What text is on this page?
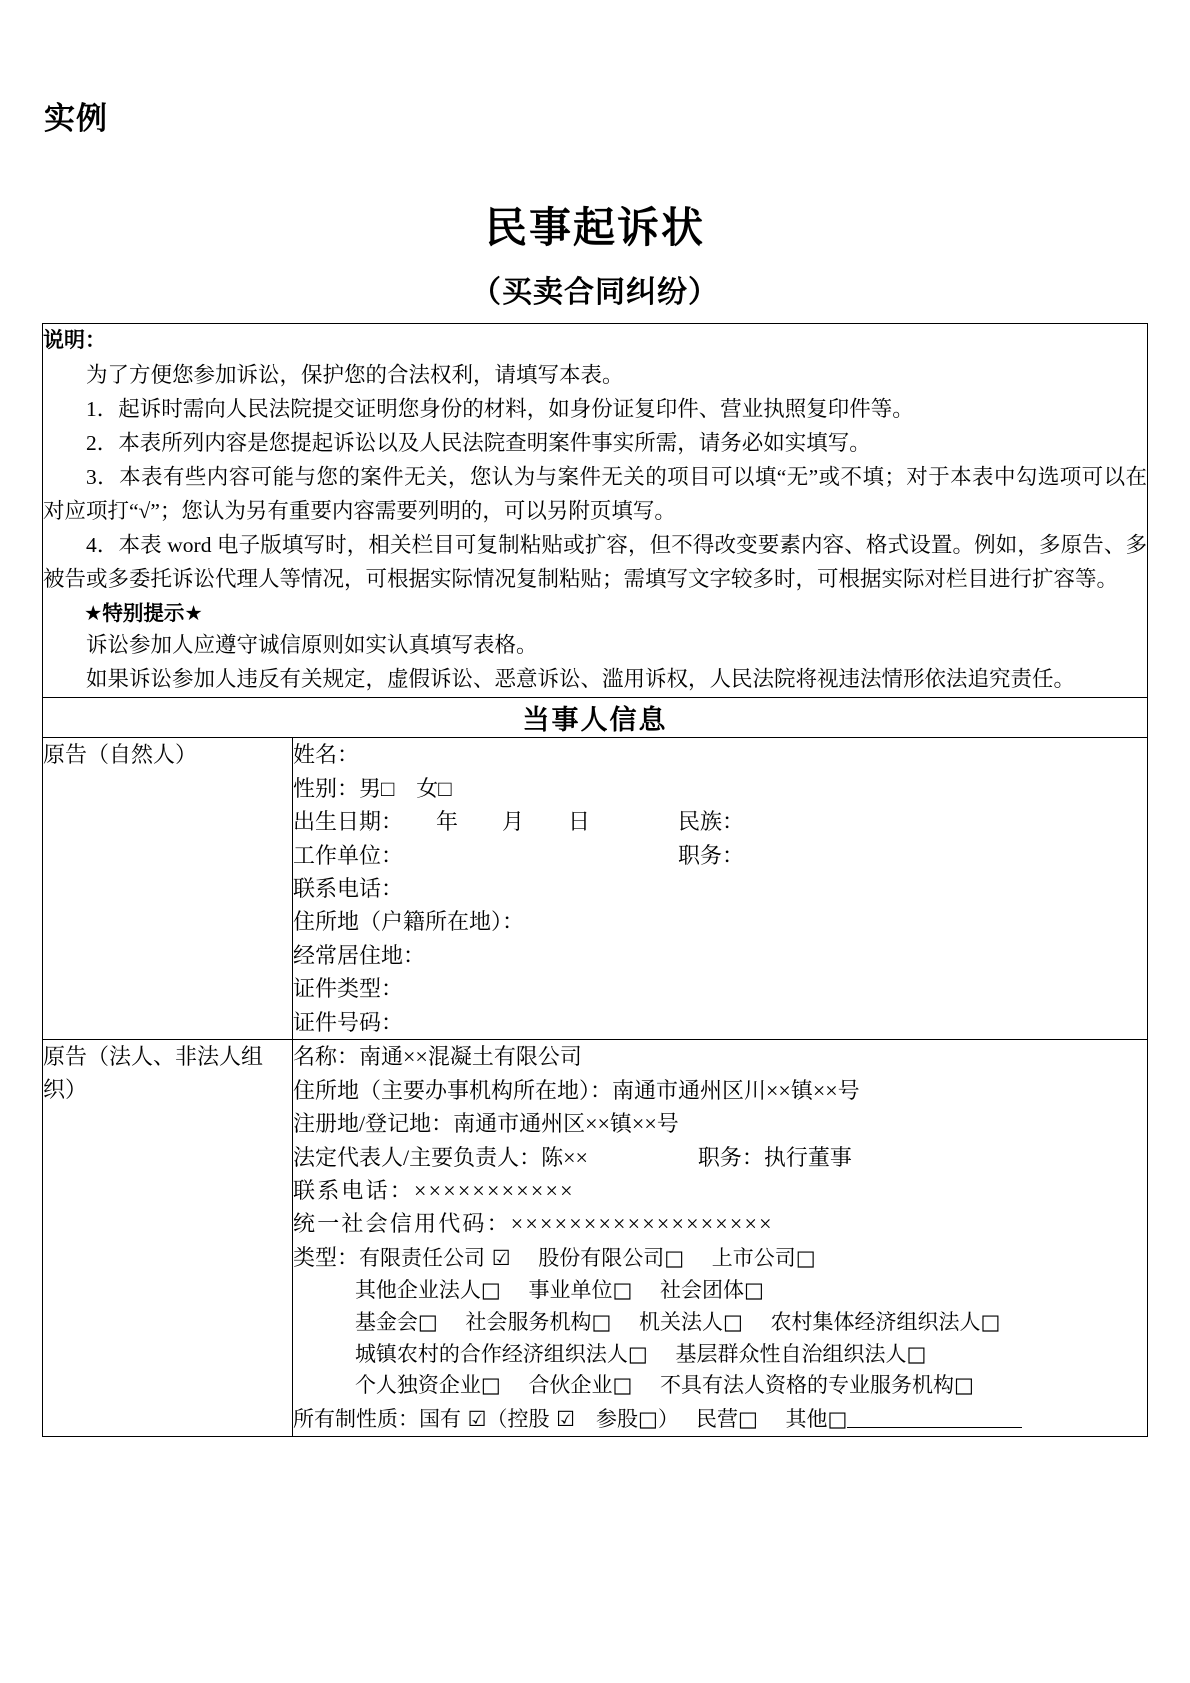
实例
民事起诉状
（买卖合同纠纷）
说明：
为了方便您参加诉讼，保护您的合法权利，请填写本表。
1．起诉时需向人民法院提交证明您身份的材料，如身份证复印件、营业执照复印件等。
2．本表所列内容是您提起诉讼以及人民法院查明案件事实所需，请务必如实填写。
3．本表有些内容可能与您的案件无关，您认为与案件无关的项目可以填“无”或不填；对于本表中勾选项可以在对应项打“√”；您认为另有重要内容需要列明的，可以另附页填写。
4．本表 word 电子版填写时，相关栏目可复制粘贴或扩容，但不得改变要素内容、格式设置。例如，多原告、多被告或多委托诉讼代理人等情况，可根据实际情况复制粘贴；需填写文字较多时，可根据实际对栏目进行扩容等。
★特别提示★
诉讼参加人应遵守诚信原则如实认真填写表格。
如果诉讼参加人违反有关规定，虚假诉讼、恶意诉讼、滥用诉权，人民法院将视违法情形依法追究责任。

当事人信息	
原告（自然人）	姓名：
性别：男□　女□
出生日期：　　年　　月　　日　　　　民族：
工作单位：　　　　　　　　　　　　　职务：
联系电话：
住所地（户籍所在地）：
经常居住地：
证件类型：
证件号码：

原告（法人、非法人组织）	
名称：南通××混凝土有限公司
住所地（主要办事机构所在地）：南通市通州区川××镇××号
注册地/登记地：南通市通州区××镇××号
法定代表人/主要负责人：陈××　　　　　职务：执行董事
联系电话：×××××××××××
统一社会信用代码：××××××××××××××××××
类型：有限责任公司 ☑　 股份有限公司□　 上市公司□
其他企业法人□　 事业单位□　 社会团体□
基金会□　 社会服务机构□　 机关法人□　 农村集体经济组织法人□
城镇农村的合作经济组织法人□　 基层群众性自治组织法人□
个人独资企业□　 合伙企业□　 不具有法人资格的专业服务机构□
所有制性质：国有 ☑（控股 ☑　参股□）　 民营□　 其他□
